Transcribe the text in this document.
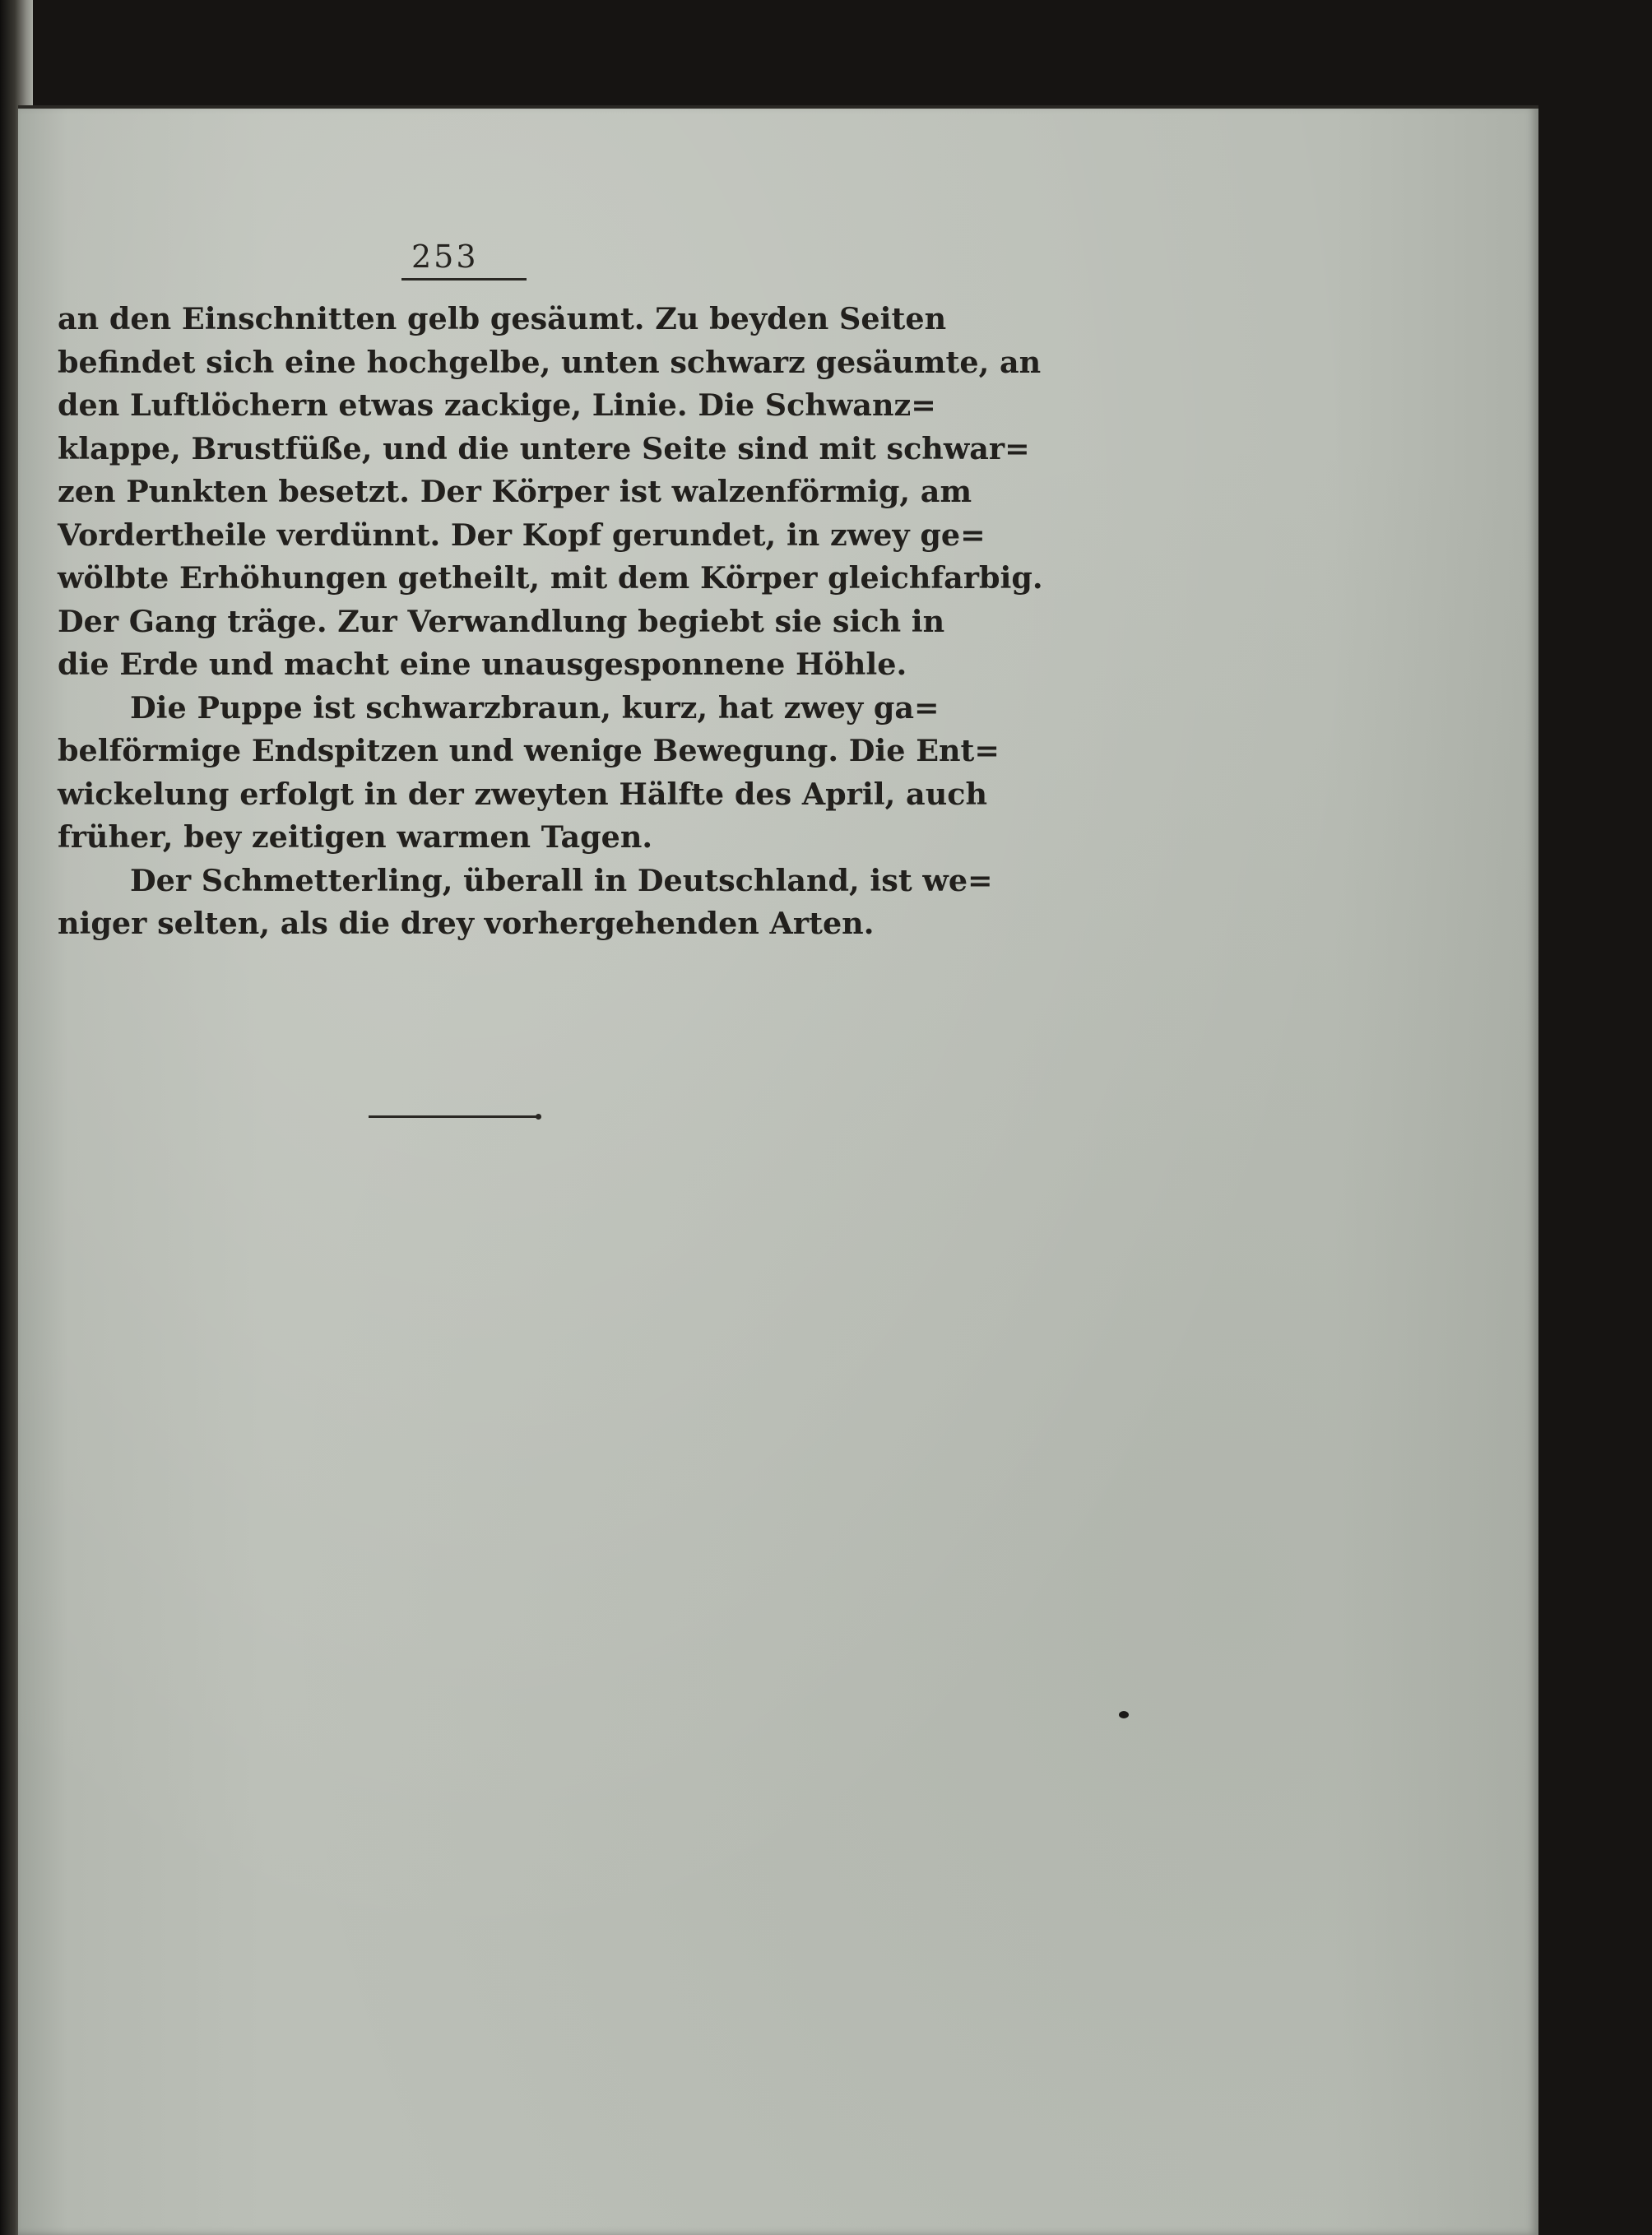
253
an den Einschnitten gelb gesäumt. Zu beyden Seiten
befindet sich eine hochgelbe, unten schwarz gesäumte, an
den Luftlöchern etwas zackige, Linie. Die Schwanz=
klappe, Brustfüße, und die untere Seite sind mit schwar=
zen Punkten besetzt. Der Körper ist walzenförmig, am
Vordertheile verdünnt. Der Kopf gerundet, in zwey ge=
wölbte Erhöhungen getheilt, mit dem Körper gleichfarbig.
Der Gang träge. Zur Verwandlung begiebt sie sich in
die Erde und macht eine unausgesponnene Höhle.
Die Puppe ist schwarzbraun, kurz, hat zwey ga=
belförmige Endspitzen und wenige Bewegung. Die Ent=
wickelung erfolgt in der zweyten Hälfte des April, auch
früher, bey zeitigen warmen Tagen.
Der Schmetterling, überall in Deutschland, ist we=
niger selten, als die drey vorhergehenden Arten.
